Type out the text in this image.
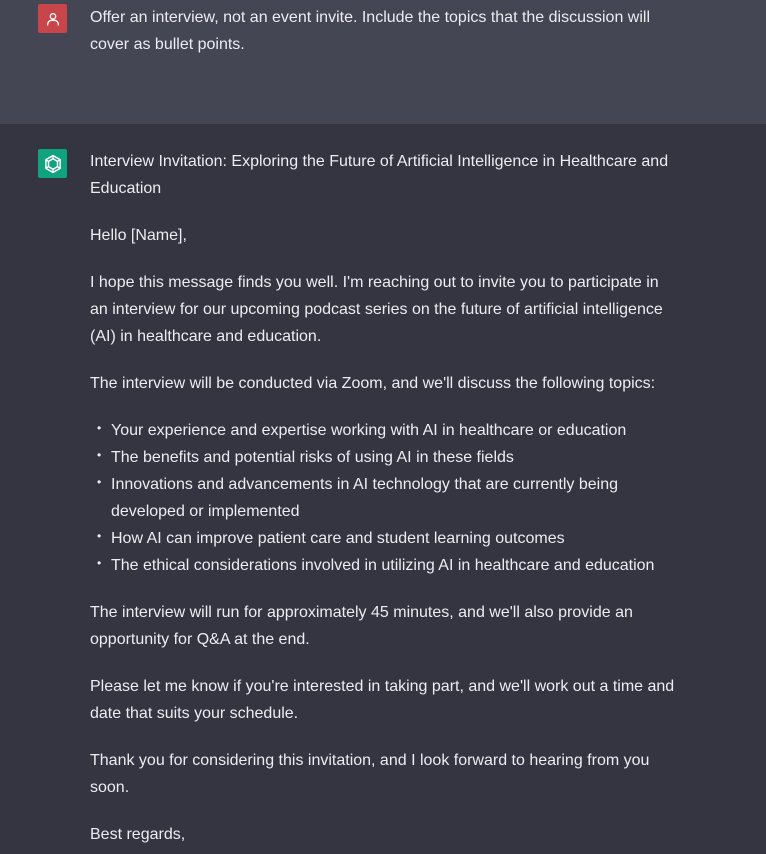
Offer an interview, not an event invite. Include the topics that the discussion will cover as bullet points.

Interview Invitation: Exploring the Future of Artificial Intelligence in Healthcare and Education

Hello [Name],

I hope this message finds you well. I'm reaching out to invite you to participate in an interview for our upcoming podcast series on the future of artificial intelligence (AI) in healthcare and education.

The interview will be conducted via Zoom, and we'll discuss the following topics:

• Your experience and expertise working with AI in healthcare or education
• The benefits and potential risks of using AI in these fields
• Innovations and advancements in AI technology that are currently being developed or implemented
• How AI can improve patient care and student learning outcomes
• The ethical considerations involved in utilizing AI in healthcare and education

The interview will run for approximately 45 minutes, and we'll also provide an opportunity for Q&A at the end.

Please let me know if you're interested in taking part, and we'll work out a time and date that suits your schedule.

Thank you for considering this invitation, and I look forward to hearing from you soon.

Best regards,
